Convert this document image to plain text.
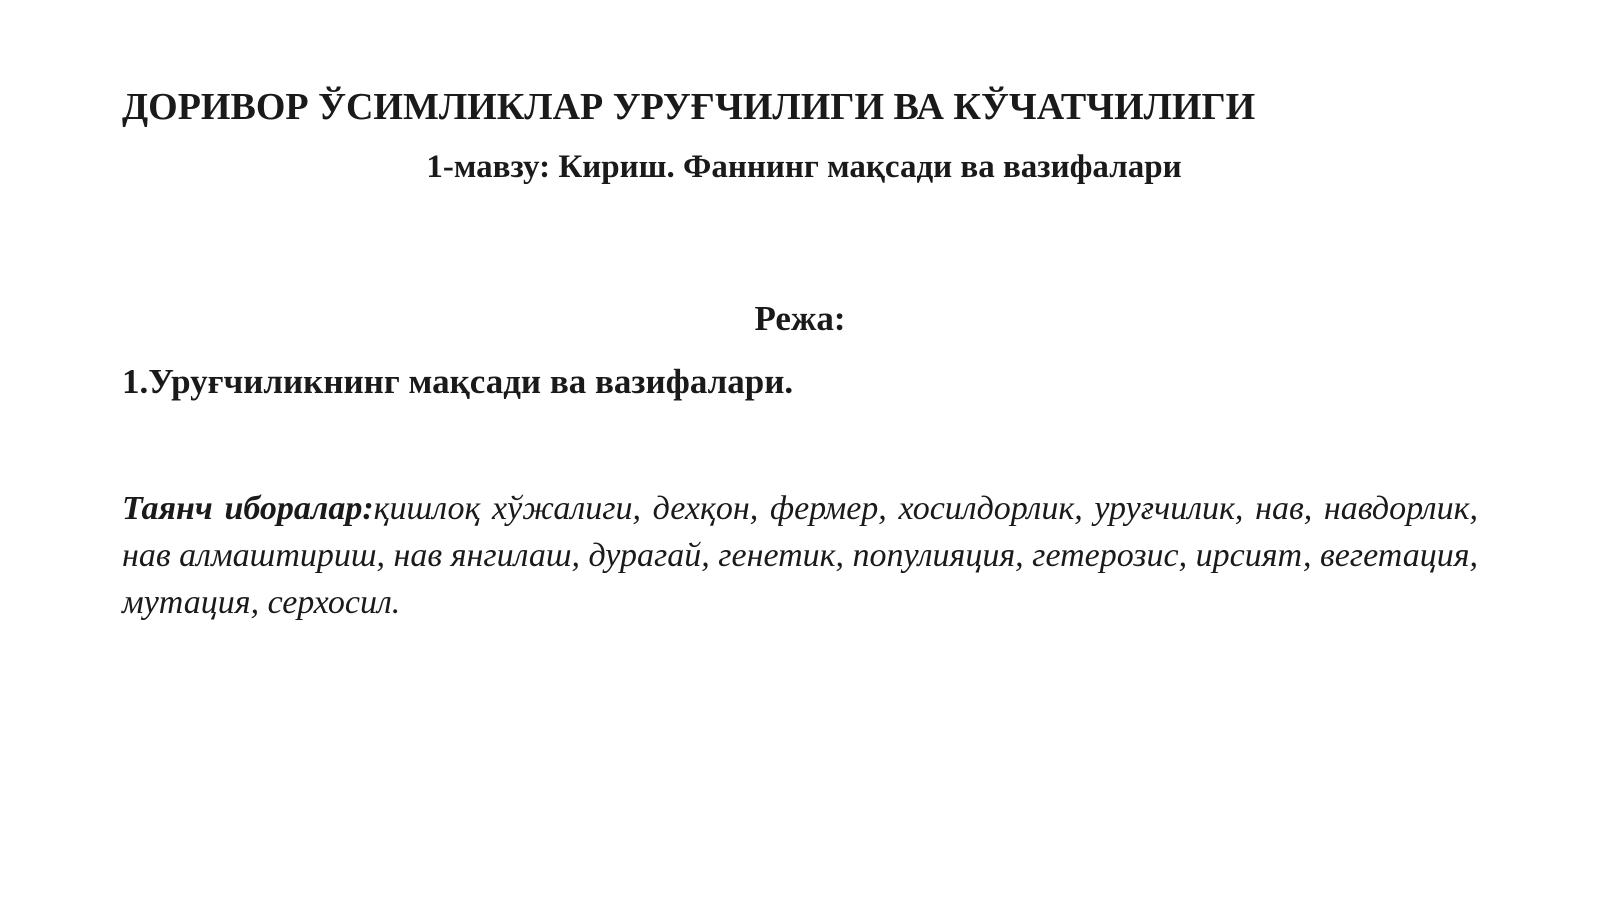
ДОРИВОР ЎСИМЛИКЛАР УРУҒЧИЛИГИ ВА КЎЧАТЧИЛИГИ
1-мавзу: Кириш. Фаннинг мақсади ва вазифалари
Режа:

1.Уруғчиликнинг мақсади ва вазифалари.

Таянч иборалар:қишлоқ хўжалиги, дехқон, фермер, хосилдорлик, уруғчилик, нав, навдорлик, нав алмаштириш, нав янгилаш, дурагай, генетик, популияция, гетерозис, ирсият, вегетация, мутация, серхосил.
